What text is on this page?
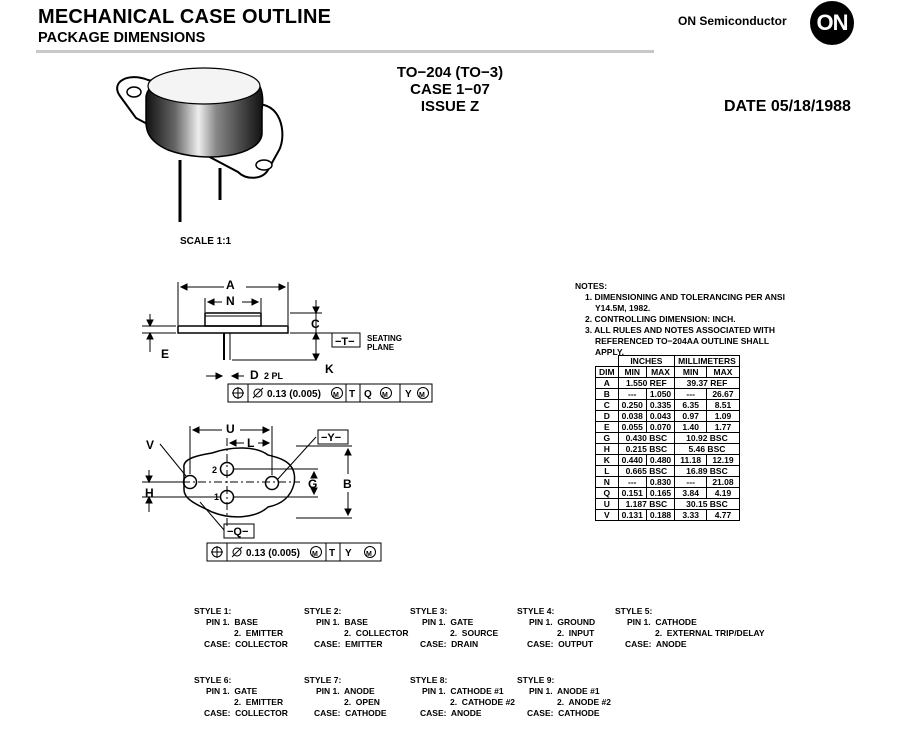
MECHANICAL CASE OUTLINE
PACKAGE DIMENSIONS
ON Semiconductor ON
TO−204 (TO−3)
CASE 1−07
ISSUE Z	DATE 05/18/1988
SCALE 1:1
A
N
C
E
K
D 2 PL
−T− SEATING
PLANE
0.13 (0.005) M T Q M Y M
U
L
V
H
G B
2
1
−Y−
−Q−
0.13 (0.005) M T Y M
NOTES:
1. DIMENSIONING AND TOLERANCING PER ANSI Y14.5M, 1982.
2. CONTROLLING DIMENSION: INCH.
3. ALL RULES AND NOTES ASSOCIATED WITH REFERENCED TO−204AA OUTLINE SHALL APPLY.
	INCHES		MILLIMETERS	
DIM	MIN	MAX	MIN	MAX
A	1.550 REF		39.37 REF	
B	---	1.050	---	26.67
C	0.250	0.335	6.35	8.51
D	0.038	0.043	0.97	1.09
E	0.055	0.070	1.40	1.77
G	0.430 BSC		10.92 BSC	
H	0.215 BSC		5.46 BSC	
K	0.440	0.480	11.18	12.19
L	0.665 BSC		16.89 BSC	
N	---	0.830	---	21.08
Q	0.151	0.165	3.84	4.19
U	1.187 BSC		30.15 BSC	
V	0.131	0.188	3.33	4.77
STYLE 1:
PIN 1.  BASE
2.  EMITTER
CASE:  COLLECTOR
STYLE 2:
PIN 1.  BASE
2.  COLLECTOR
CASE:  EMITTER
STYLE 3:
PIN 1.  GATE
2.  SOURCE
CASE:  DRAIN
STYLE 4:
PIN 1.  GROUND
2.  INPUT
CASE:  OUTPUT
STYLE 5:
PIN 1.  CATHODE
2.  EXTERNAL TRIP/DELAY
CASE:  ANODE
STYLE 6:
PIN 1.  GATE
2.  EMITTER
CASE:  COLLECTOR
STYLE 7:
PIN 1.  ANODE
2.  OPEN
CASE:  CATHODE
STYLE 8:
PIN 1.  CATHODE #1
2.  CATHODE #2
CASE:  ANODE
STYLE 9:
PIN 1.  ANODE #1
2.  ANODE #2
CASE:  CATHODE
